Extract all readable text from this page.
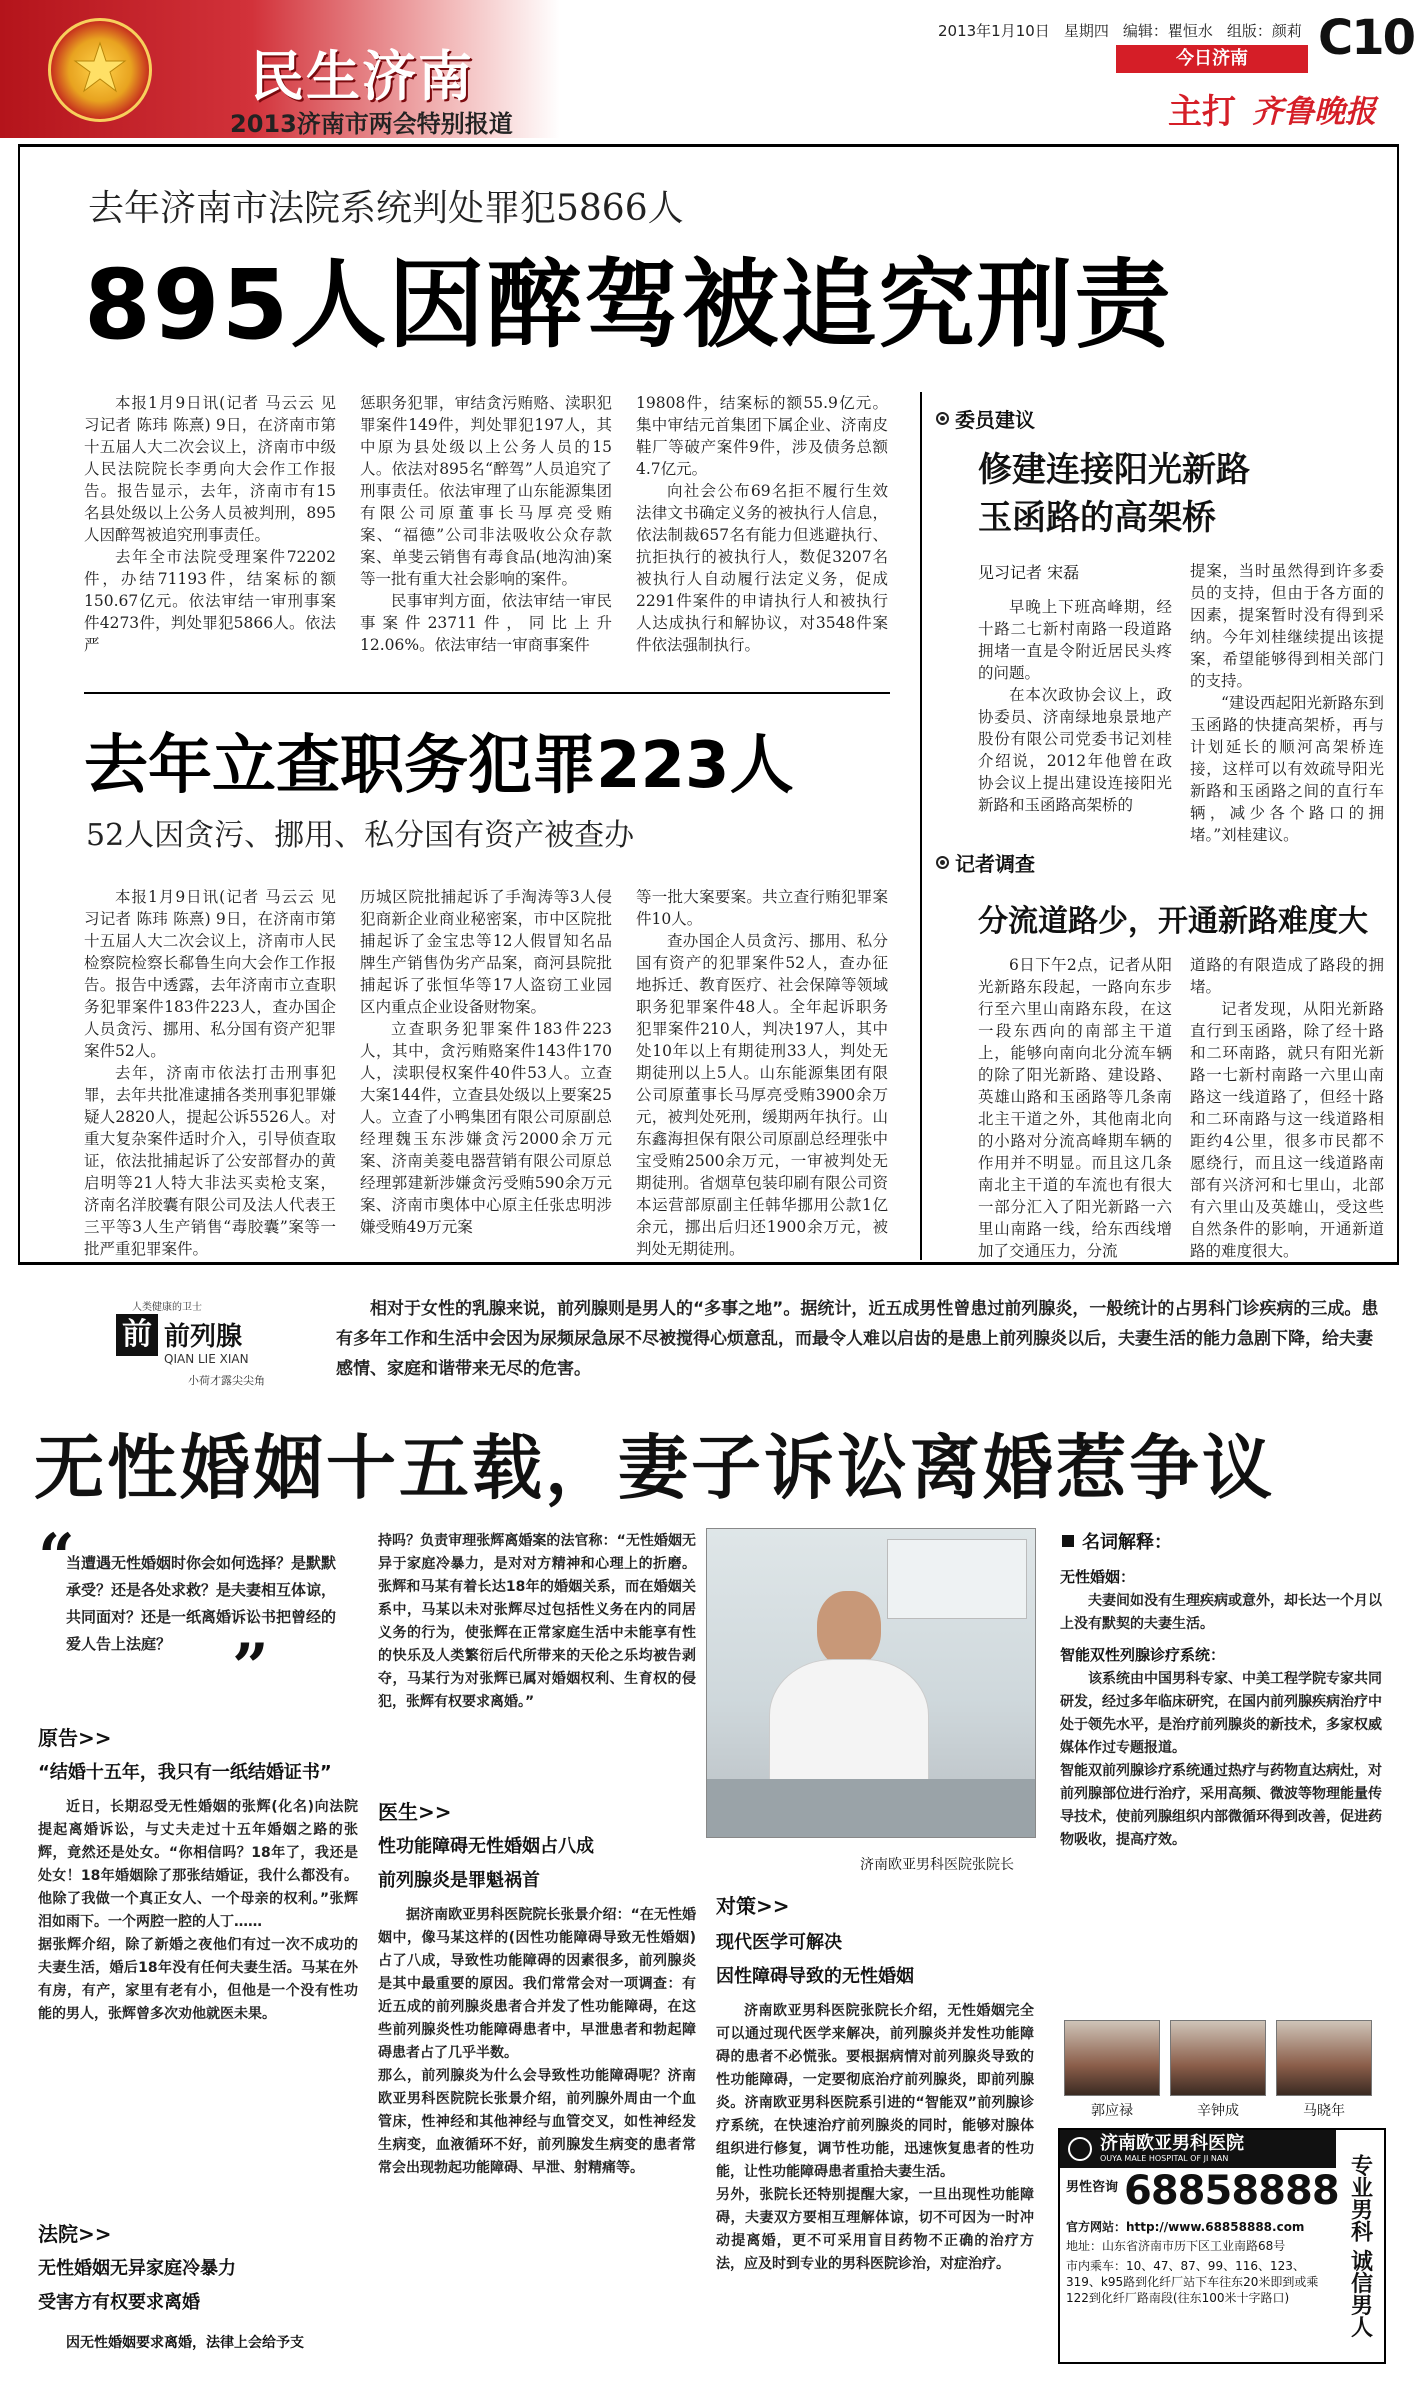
民生济南
2013济南市两会特别报道
2013年1月10日 星期四 编辑：瞿恒水 组版：颜莉 C10
今日济南
主打 齐鲁晚报
去年济南市法院系统判处罪犯5866人
895人因醉驾被追究刑责

本报1月9日讯(记者 马云云 见习记者 陈玮 陈熹) 9日，在济南市第十五届人大二次会议上，济南市中级人民法院院长李勇向大会作工作报告。报告显示，去年，济南市有15名县处级以上公务人员被判刑，895人因醉驾被追究刑事责任。

去年全市法院受理案件72202件，办结71193件，结案标的额150.67亿元。依法审结一审刑事案件4273件，判处罪犯5866人。依法严

惩职务犯罪，审结贪污贿赂、渎职犯罪案件149件，判处罪犯197人，其中原为县处级以上公务人员的15人。依法对895名“醉驾”人员追究了刑事责任。依法审理了山东能源集团有限公司原董事长马厚亮受贿案、“福德”公司非法吸收公众存款案、单斐云销售有毒食品(地沟油)案等一批有重大社会影响的案件。

民事审判方面，依法审结一审民事案件23711件，同比上升12.06%。依法审结一审商事案件

19808件，结案标的额55.9亿元。集中审结元首集团下属企业、济南皮鞋厂等破产案件9件，涉及债务总额4.7亿元。

向社会公布69名拒不履行生效法律文书确定义务的被执行人信息，依法制裁657名有能力但逃避执行、抗拒执行的被执行人，数促3207名被执行人自动履行法定义务，促成2291件案件的申请执行人和被执行人达成执行和解协议，对3548件案件依法强制执行。

去年立查职务犯罪223人
52人因贪污、挪用、私分国有资产被查办

本报1月9日讯(记者 马云云 见习记者 陈玮 陈熹) 9日，在济南市第十五届人大二次会议上，济南市人民检察院检察长郗鲁生向大会作工作报告。报告中透露，去年济南市立查职务犯罪案件183件223人，查办国企人员贪污、挪用、私分国有资产犯罪案件52人。

去年，济南市依法打击刑事犯罪，去年共批准逮捕各类刑事犯罪嫌疑人2820人，提起公诉5526人。对重大复杂案件适时介入，引导侦查取证，依法批捕起诉了公安部督办的黄启明等21人特大非法买卖枪支案，济南名洋胶囊有限公司及法人代表王三平等3人生产销售“毒胶囊”案等一批严重犯罪案件。

历城区院批捕起诉了手淘涛等3人侵犯商新企业商业秘密案，市中区院批捕起诉了金宝忠等12人假冒知名品牌生产销售伪劣产品案，商河县院批捕起诉了张恒华等17人盗窃工业园区内重点企业设备财物案。

立查职务犯罪案件183件223人，其中，贪污贿赂案件143件170人，渎职侵权案件40件53人。立查大案144件，立查县处级以上要案25人。立查了小鸭集团有限公司原副总经理魏玉东涉嫌贪污2000余万元案、济南美菱电器营销有限公司原总经理郭建新涉嫌贪污受贿590余万元案、济南市奥体中心原主任张忠明涉嫌受贿49万元案

等一批大案要案。共立查行贿犯罪案件10人。

查办国企人员贪污、挪用、私分国有资产的犯罪案件52人，查办征地拆迁、教育医疗、社会保障等领域职务犯罪案件48人。全年起诉职务犯罪案件210人，判决197人，其中处10年以上有期徒刑33人，判处无期徒刑以上5人。山东能源集团有限公司原董事长马厚亮受贿3900余万元，被判处死刑，缓期两年执行。山东鑫海担保有限公司原副总经理张中宝受贿2500余万元，一审被判处无期徒刑。省烟草包装印刷有限公司资本运营部原副主任韩华挪用公款1亿余元，挪出后归还1900余万元，被判处无期徒刑。

委员建议
修建连接阳光新路
玉函路的高架桥
见习记者 宋磊

早晚上下班高峰期，经十路二七新村南路一段道路拥堵一直是令附近居民头疼的问题。

在本次政协会议上，政协委员、济南绿地泉景地产股份有限公司党委书记刘桂介绍说，2012年他曾在政协会议上提出建设连接阳光新路和玉函路高架桥的

提案，当时虽然得到许多委员的支持，但由于各方面的因素，提案暂时没有得到采纳。今年刘桂继续提出该提案，希望能够得到相关部门的支持。

“建设西起阳光新路东到玉函路的快捷高架桥，再与计划延长的顺河高架桥连接，这样可以有效疏导阳光新路和玉函路之间的直行车辆，减少各个路口的拥堵。”刘桂建议。

记者调查
分流道路少，开通新路难度大

6日下午2点，记者从阳光新路东段起，一路向东步行至六里山南路东段，在这一段东西向的南部主干道上，能够向南向北分流车辆的除了阳光新路、建设路、英雄山路和玉函路等几条南北主干道之外，其他南北向的小路对分流高峰期车辆的作用并不明显。而且这几条南北主干道的车流也有很大一部分汇入了阳光新路一六里山南路一线，给东西线增加了交通压力，分流

道路的有限造成了路段的拥堵。

记者发现，从阳光新路直行到玉函路，除了经十路和二环南路，就只有阳光新路一七新村南路一六里山南路这一线道路了，但经十路和二环南路与这一线道路相距约4公里，很多市民都不愿绕行，而且这一线道路南部有兴济河和七里山，北部有六里山及英雄山，受这些自然条件的影响，开通新道路的难度很大。

人类健康的卫士
前 前列腺
QIAN LIE XIAN
小荷才露尖尖角
相对于女性的乳腺来说，前列腺则是男人的“多事之地”。据统计，近五成男性曾患过前列腺炎，一般统计的占男科门诊疾病的三成。患有多年工作和生活中会因为尿频尿急尿不尽被搅得心烦意乱，而最令人难以启齿的是患上前列腺炎以后，夫妻生活的能力急剧下降，给夫妻感情、家庭和谐带来无尽的危害。
无性婚姻十五载，妻子诉讼离婚惹争议
“
当遭遇无性婚姻时你会如何选择？是默默承受？还是各处求救？是夫妻相互体谅，共同面对？还是一纸离婚诉讼书把曾经的爱人告上法庭？ ”
原告>>
“结婚十五年，我只有一纸结婚证书”
近日，长期忍受无性婚姻的张辉(化名)向法院提起离婚诉讼，与丈夫走过十五年婚姻之路的张辉，竟然还是处女。“你相信吗？18年了，我还是处女！18年婚姻除了那张结婚证，我什么都没有。他除了我做一个真正女人、一个母亲的权利。”张辉泪如雨下。一个两腔一腔的人丁……
据张辉介绍，除了新婚之夜他们有过一次不成功的夫妻生活，婚后18年没有任何夫妻生活。马某在外有房，有产，家里有老有小，但他是一个没有性功能的男人，张辉曾多次劝他就医未果。
法院>>
无性婚姻无异家庭冷暴力
受害方有权要求离婚
因无性婚姻要求离婚，法律上会给予支
持吗？负责审理张辉离婚案的法官称：“无性婚姻无异于家庭冷暴力，是对对方精神和心理上的折磨。张辉和马某有着长达18年的婚姻关系，而在婚姻关系中，马某以未对张辉尽过包括性义务在内的同居义务的行为，使张辉在正常家庭生活中未能享有性的快乐及人类繁衍后代所带来的天伦之乐均被告剥夺，马某行为对张辉已属对婚姻权利、生育权的侵犯，张辉有权要求离婚。”
医生>>
性功能障碍无性婚姻占八成
前列腺炎是罪魁祸首
据济南欧亚男科医院院长张景介绍：“在无性婚姻中，像马某这样的(因性功能障碍导致无性婚姻)占了八成，导致性功能障碍的因素很多，前列腺炎是其中最重要的原因。我们常常会对一项调查：有近五成的前列腺炎患者合并发了性功能障碍，在这些前列腺炎性功能障碍患者中，早泄患者和勃起障碍患者占了几乎半数。
那么，前列腺炎为什么会导致性功能障碍呢？济南欧亚男科医院院长张景介绍，前列腺外周由一个血管床，性神经和其他神经与血管交叉，如性神经发生病变，血液循环不好，前列腺发生病变的患者常常会出现勃起功能障碍、早泄、射精痛等。
济南欧亚男科医院张院长
对策>>
现代医学可解决
因性障碍导致的无性婚姻
济南欧亚男科医院张院长介绍，无性婚姻完全可以通过现代医学来解决，前列腺炎并发性功能障碍的患者不必慌张。要根据病情对前列腺炎导致的性功能障碍，一定要彻底治疗前列腺炎，即前列腺炎。济南欧亚男科医院系引进的“智能双”前列腺诊疗系统，在快速治疗前列腺炎的同时，能够对腺体组织进行修复，调节性功能，迅速恢复患者的性功能，让性功能障碍患者重拾夫妻生活。
另外，张院长还特别提醒大家，一旦出现性功能障碍，夫妻双方要相互理解体谅，切不可因为一时冲动提离婚，更不可采用盲目药物不正确的治疗方法，应及时到专业的男科医院诊治，对症治疗。
名词解释：
无性婚姻：
夫妻间如没有生理疾病或意外，却长达一个月以上没有默契的夫妻生活。
智能双性列腺诊疗系统：
该系统由中国男科专家、中美工程学院专家共同研发，经过多年临床研究，在国内前列腺疾病治疗中处于领先水平，是治疗前列腺炎的新技术，多家权威媒体作过专题报道。
智能双前列腺诊疗系统通过热疗与药物直达病灶，对前列腺部位进行治疗，采用高频、微波等物理能量传导技术，使前列腺组织内部微循环得到改善，促进药物吸收，提高疗效。
郭应禄	辛钟成	马晓年
济南欧亚男科医院
OUYA MALE HOSPITAL OF JI NAN
男性咨询 68858888
官方网站：http://www.68858888.com
地址：山东省济南市历下区工业南路68号
市内乘车：10、47、87、99、116、123、319、k95路到化纤厂站下车往东20米即到或乘122到化纤厂路南段(往东100米十字路口)	专业男科 诚信男人
